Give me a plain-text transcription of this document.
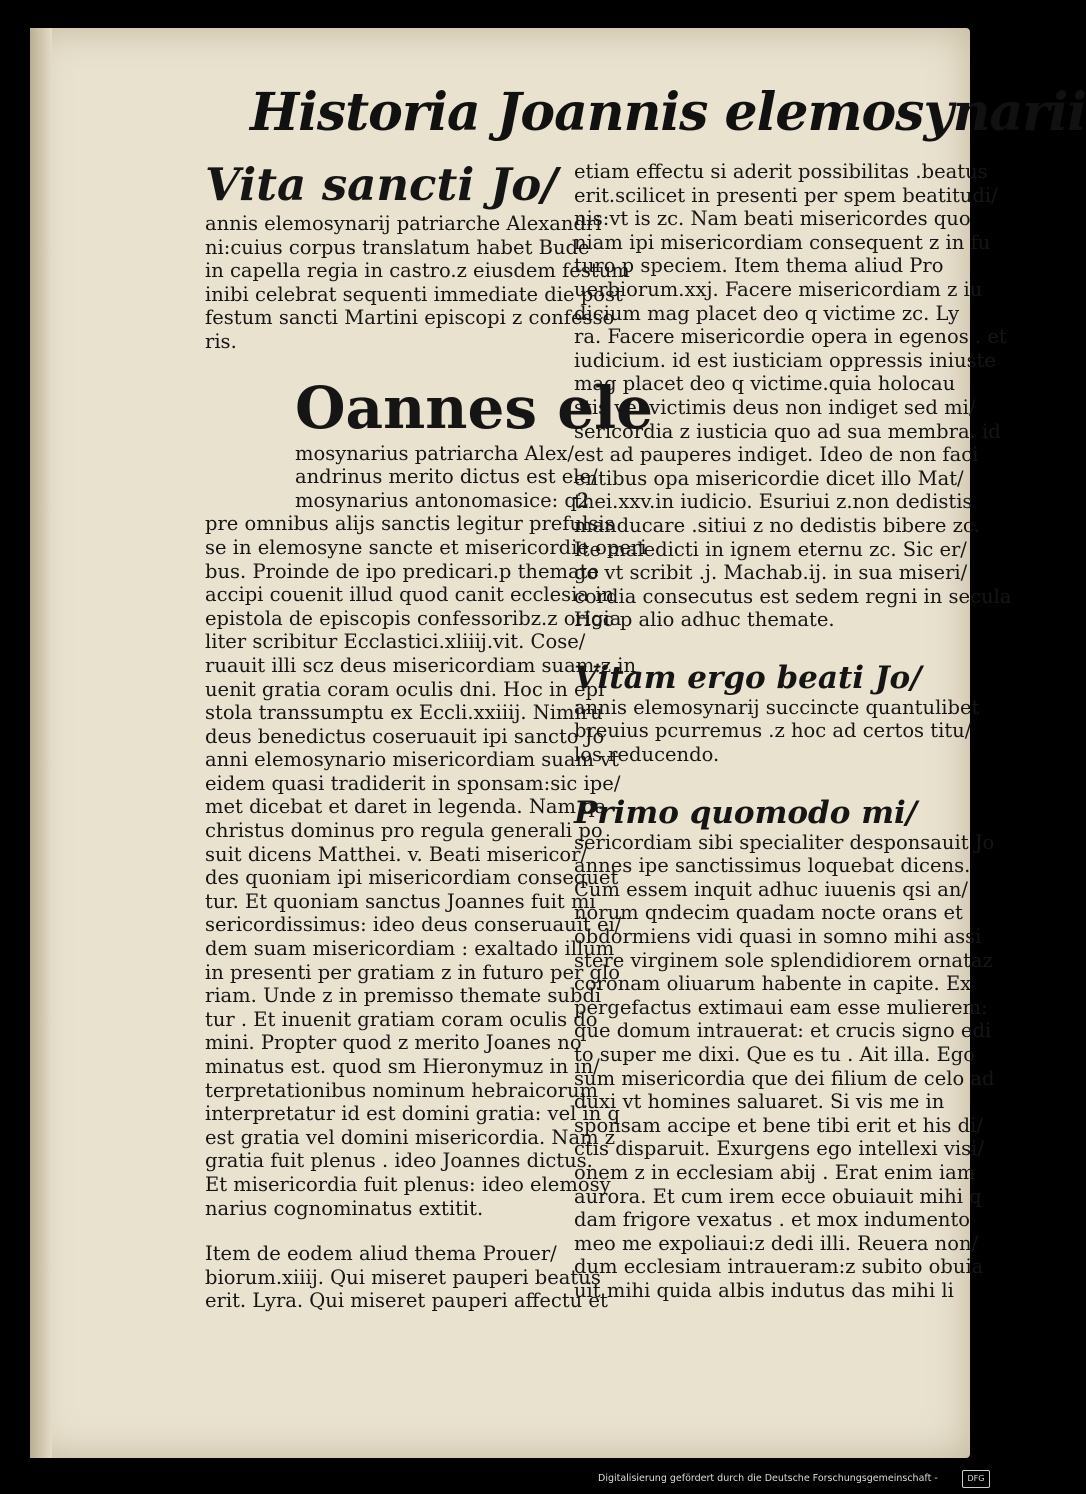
Historia Joannis elemosynarii
Vita sancti Jo/
annis elemosynarij patriarche Alexandri
ni:cuius corpus translatum habet Bude
in capella regia in castro.z eiusdem festum
inibi celebrat sequenti immediate die post
festum sancti Martini episcopi z confesso
ris.
Oannes ele
mosynarius patriarcha Alex/
andrinus merito dictus est ele/
mosynarius antonomasice: q2
pre omnibus alijs sanctis legitur prefulsis
se in elemosyne sancte et misericordie operi
bus. Proinde de ipo predicari.p themate
accipi couenit illud quod canit ecclesia in
epistola de episcopis confessoribz.z origia
liter scribitur Ecclastici.xliiij.vit. Cose/
ruauit illi scz deus misericordiam suam:z in
uenit gratia coram oculis dni. Hoc in epi
stola transsumptu ex Eccli.xxiiij. Nimiru
deus benedictus coseruauit ipi sancto Jo
anni elemosynario misericordiam suam vt
eidem quasi tradiderit in sponsam:sic ipe/
met dicebat et daret in legenda. Nam qa
christus dominus pro regula generali po
suit dicens Matthei. v. Beati misericor/
des quoniam ipi misericordiam consequet
tur. Et quoniam sanctus Joannes fuit mi
sericordissimus: ideo deus conseruauit ei/
dem suam misericordiam : exaltado illum
in presenti per gratiam z in futuro per glo
riam. Unde z in premisso themate subdi
tur . Et inuenit gratiam coram oculis do
mini. Propter quod z merito Joanes no
minatus est. quod sm Hieronymuz in in/
terpretationibus nominum hebraicorum
interpretatur id est domini gratia: vel in q
est gratia vel domini misericordia. Nam z
gratia fuit plenus . ideo Joannes dictus.
Et misericordia fuit plenus: ideo elemosy
narius cognominatus extitit.
Item de eodem aliud thema Prouer/
biorum.xiiij. Qui miseret pauperi beatus
erit. Lyra. Qui miseret pauperi affectu et
etiam effectu si aderit possibilitas .beatus
erit.scilicet in presenti per spem beatitudi/
nis:vt is zc. Nam beati misericordes quo
niam ipi misericordiam consequent z in fu
turo p speciem. Item thema aliud Pro
uerbiorum.xxj. Facere misericordiam z iu
dicium mag placet deo q victime zc. Ly
ra. Facere misericordie opera in egenos . et
iudicium. id est iusticiam oppressis iniuste
mag placet deo q victime.quia holocau
stis vel victimis deus non indiget sed mi/
sericordia z iusticia quo ad sua membra. id
est ad pauperes indiget. Ideo de non faci
entibus opa misericordie dicet illo Mat/
thei.xxv.in iudicio. Esuriui z.non dedistis
manducare .sitiui z no dedistis bibere zc.
Ite maledicti in ignem eternu zc. Sic er/
go vt scribit .j. Machab.ij. in sua miseri/
cordia consecutus est sedem regni in secula
Hoc p alio adhuc themate.
Vitam ergo beati Jo/
annis elemosynarij succincte quantulibet
breuius pcurremus .z hoc ad certos titu/
los reducendo.
Primo quomodo mi/
sericordiam sibi specialiter desponsauit Jo
annes ipe sanctissimus loquebat dicens.
Cum essem inquit adhuc iuuenis qsi an/
norum qndecim quadam nocte orans et
obdormiens vidi quasi in somno mihi assi
stere virginem sole splendidiorem ornataz
coronam oliuarum habente in capite. Ex
pergefactus extimaui eam esse mulierem:
que domum intrauerat: et crucis signo edi
to super me dixi. Que es tu . Ait illa. Ego
sum misericordia que dei filium de celo ad
duxi vt homines saluaret. Si vis me in
sponsam accipe et bene tibi erit et his di/
ctis disparuit. Exurgens ego intellexi visi/
onem z in ecclesiam abij . Erat enim iam
aurora. Et cum irem ecce obuiauit mihi q
dam frigore vexatus . et mox indumento
meo me expoliaui:z dedi illi. Reuera non/
dum ecclesiam intraueram:z subito obuia
uit mihi quida albis indutus das mihi li
Digitalisierung gefördert durch die Deutsche Forschungsgemeinschaft -	DFG
